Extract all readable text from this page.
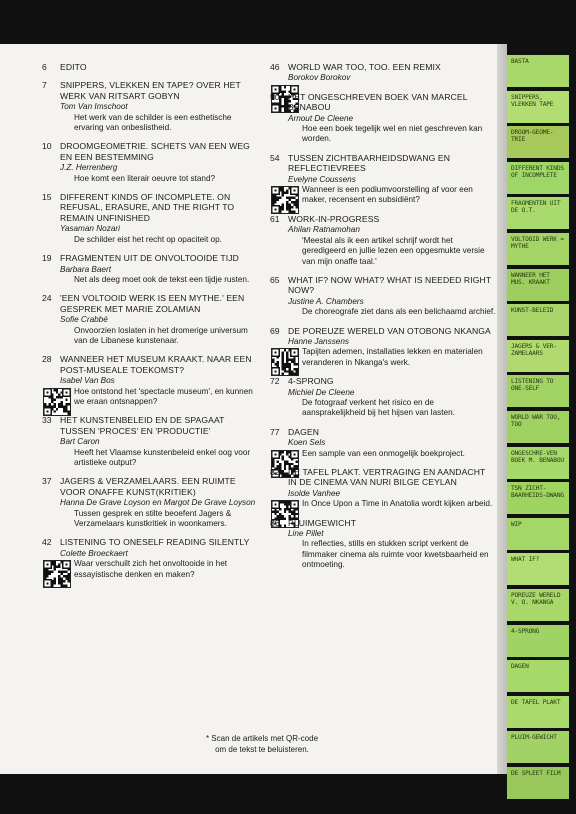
6 EDITO
7 SNIPPERS, VLEKKEN EN TAPE? OVER HET WERK VAN RITSART GOBYN
Tom Van Imschoot
Het werk van de schilder is een esthetische ervaring van onbeslistheid.
10 DROOMGEOMETRIE. SCHETS VAN EEN WEG EN EEN BESTEMMING
J.Z. Herrenberg
Hoe komt een literair oeuvre tot stand?
15 DIFFERENT KINDS OF INCOMPLETE. ON REFUSAL, ERASURE, AND THE RIGHT TO REMAIN UNFINISHED
Yasaman Nozari
De schilder eist het recht op opaciteit op.
19 FRAGMENTEN UIT DE ONVOLTOOIDE TIJD
Barbara Baert
Net als deeg moet ook de tekst een tijdje rusten.
24 'EEN VOLTOOID WERK IS EEN MYTHE.' EEN GESPREK MET MARIE ZOLAMIAN
Sofie Crabbé
Onvoorzien loslaten in het dromerige universum van de Libanese kunstenaar.
28 WANNEER HET MUSEUM KRAAKT. NAAR EEN POST-MUSEALE TOEKOMST?
Isabel Van Bos
Hoe ontstond het 'spectacle museum', en kunnen we eraan ontsnappen?
33 HET KUNSTENBELEID EN DE SPAGAAT TUSSEN 'PROCES' EN 'PRODUCTIE'
Bart Caron
Heeft het Vlaamse kunstenbeleid enkel oog voor artistieke output?
37 JAGERS & VERZAMELAARS. EEN RUIMTE VOOR ONAFFE KUNST(KRITIEK)
Hanna De Grave Loyson en Margot De Grave Loyson
Tussen gesprek en stilte beoefent Jagers & Verzamelaars kunstkritiek in woonkamers.
42 LISTENING TO ONESELF READING SILENTLY
Colette Broeckaert
Waar verschuilt zich het onvoltooide in het essayistische denken en maken?
46 WORLD WAR TOO, TOO. EEN REMIX
Borokov Borokov
50 HET ONGESCHREVEN BOEK VAN MARCEL BÉNABOU
Arnout De Cleene
Hoe een boek tegelijk wel en niet geschreven kan worden.
54 TUSSEN ZICHTBAARHEIDSDWANG EN REFLECTIEVREES
Evelyne Coussens
Wanneer is een podiumvoorstelling af voor een maker, recensent en subsidiënt?
61 WORK-IN-PROGRESS
Ahilan Ratnamohan
'Meestal als ik een artikel schrijf wordt het geredigeerd en jullie lezen een opgesmukte versie van mijn onaffe taal.'
65 WHAT IF? NOW WHAT? WHAT IS NEEDED RIGHT NOW?
Justine A. Chambers
De choreografe ziet dans als een belichaamd archief.
69 DE POREUZE WERELD VAN OTOBONG NKANGA
Hanne Janssens
Tapijten ademen, installaties lekken en materialen veranderen in Nkanga's werk.
72 4-SPRONG
Michiel De Cleene
De fotograaf verkent het risico en de aansprakelijkheid bij het hijsen van lasten.
77 DAGEN
Koen Sels
Een sample van een onmogelijk boekproject.
82 DE TAFEL PLAKT. VERTRAGING EN AANDACHT IN DE CINEMA VAN NURI BILGE CEYLAN
Isolde Vanhee
In Once Upon a Time in Anatolia wordt kijken arbeid.
86 PLUIMGEWICHT
Line Pillet
In reflecties, stills en stukken script verkent de filmmaker cinema als ruimte voor kwetsbaarheid en ontmoeting.
* Scan de artikels met QR-code
om de tekst te beluisteren.
BASTA
SNIPPERS, VLEKKEN TAPE
DROOM-GEOME-TRIE
DIFFERENT KINDS OF INCOMPLETE
FRAGMENTEN UIT DE O.T.
VOLTOOID WERK = MYTHE
WANNEER HET MUS. KRAAKT
KUNST-BELEID
JAGERS & VER-ZAMELAARS
LISTENING TO ONE-SELF
WORLD WAR TOO, TOO
ONGESCHRE-VEN BOEK M. BENABOU
TSN ZICHT-BAARHEIDS-DWANG
WIP
WHAT IF?
POREUZE WERELD V. O. NKANGA
4-SPRONG
DAGEN
DE TAFEL PLAKT
PLUIM-GEWICHT
DE SPLEET FILM
